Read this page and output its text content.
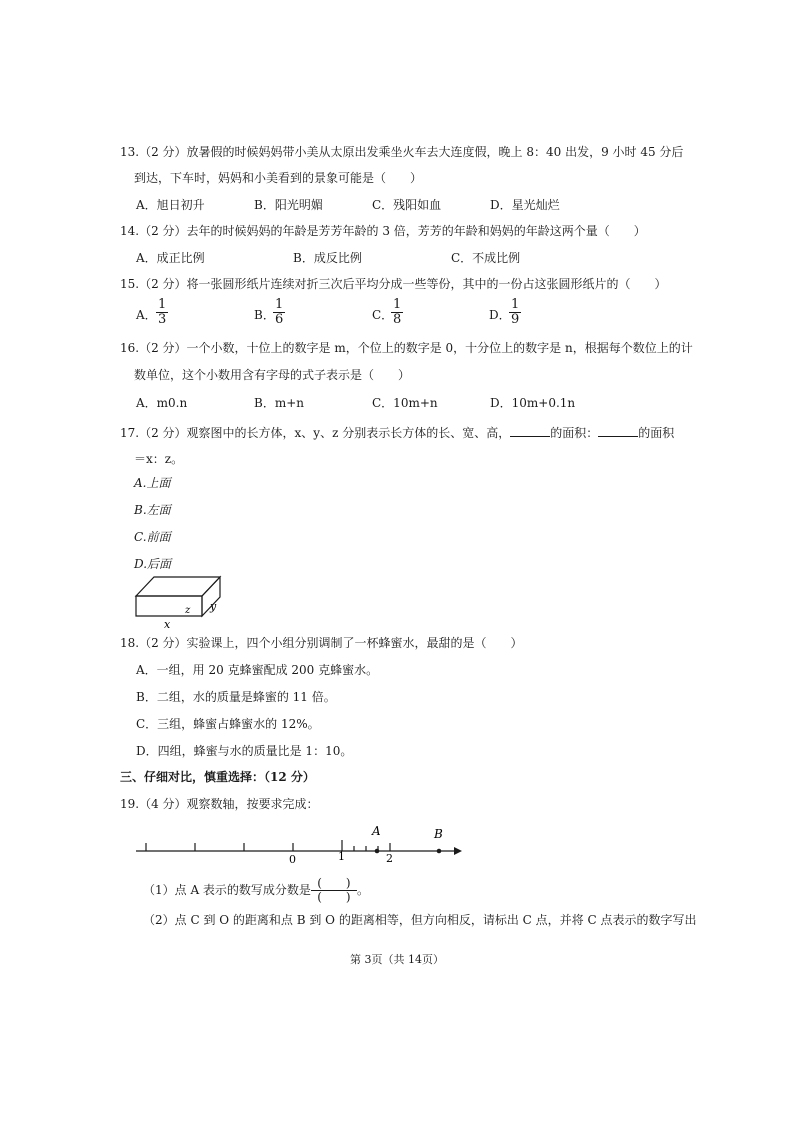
13.（2 分）放暑假的时候妈妈带小美从太原出发乘坐火车去大连度假，晚上 8：40 出发，9 小时 45 分后
到达，下车时，妈妈和小美看到的景象可能是（　　）
A．旭日初升	B．阳光明媚	C．残阳如血	D．星光灿烂
14.（2 分）去年的时候妈妈的年龄是芳芳年龄的 3 倍，芳芳的年龄和妈妈的年龄这两个量（　　）
A．成正比例	B．成反比例	C．不成比例
15.（2 分）将一张圆形纸片连续对折三次后平均分成一些等份，其中的一份占这张圆形纸片的（　　）
A．
1
3	B．
1
6	C．
1
8	D．
1
9
16.（2 分）一个小数，十位上的数字是 m，个位上的数字是 0，十分位上的数字是 n，根据每个数位上的计
数单位，这个小数用含有字母的式子表示是（　　）
A．m0.n	B．m+n	C．10m+n	D．10m+0.1n
17.（2 分）观察图中的长方体，x、y、z 分别表示长方体的长、宽、高，	的面积：	的面积
＝x：z。
A.上面
B.左面
C.前面
D.后面
z y
x
18.（2 分）实验课上，四个小组分别调制了一杯蜂蜜水，最甜的是（　　）
A．一组，用 20 克蜂蜜配成 200 克蜂蜜水。
B．二组，水的质量是蜂蜜的 11 倍。
C．三组，蜂蜜占蜂蜜水的 12%。
D．四组，蜂蜜与水的质量比是 1：10。
三、仔细对比，慎重选择：（12 分）
19.（4 分）观察数轴，按要求完成：
0	1	2
A	B
（1）点 A 表示的数写成分数是 $\frac{( )}{( )}$ 。
（2）点 C 到 O 的距离和点 B 到 O 的距离相等，但方向相反，请标出 C 点，并将 C 点表示的数字写出
第 3页（共 14页）
